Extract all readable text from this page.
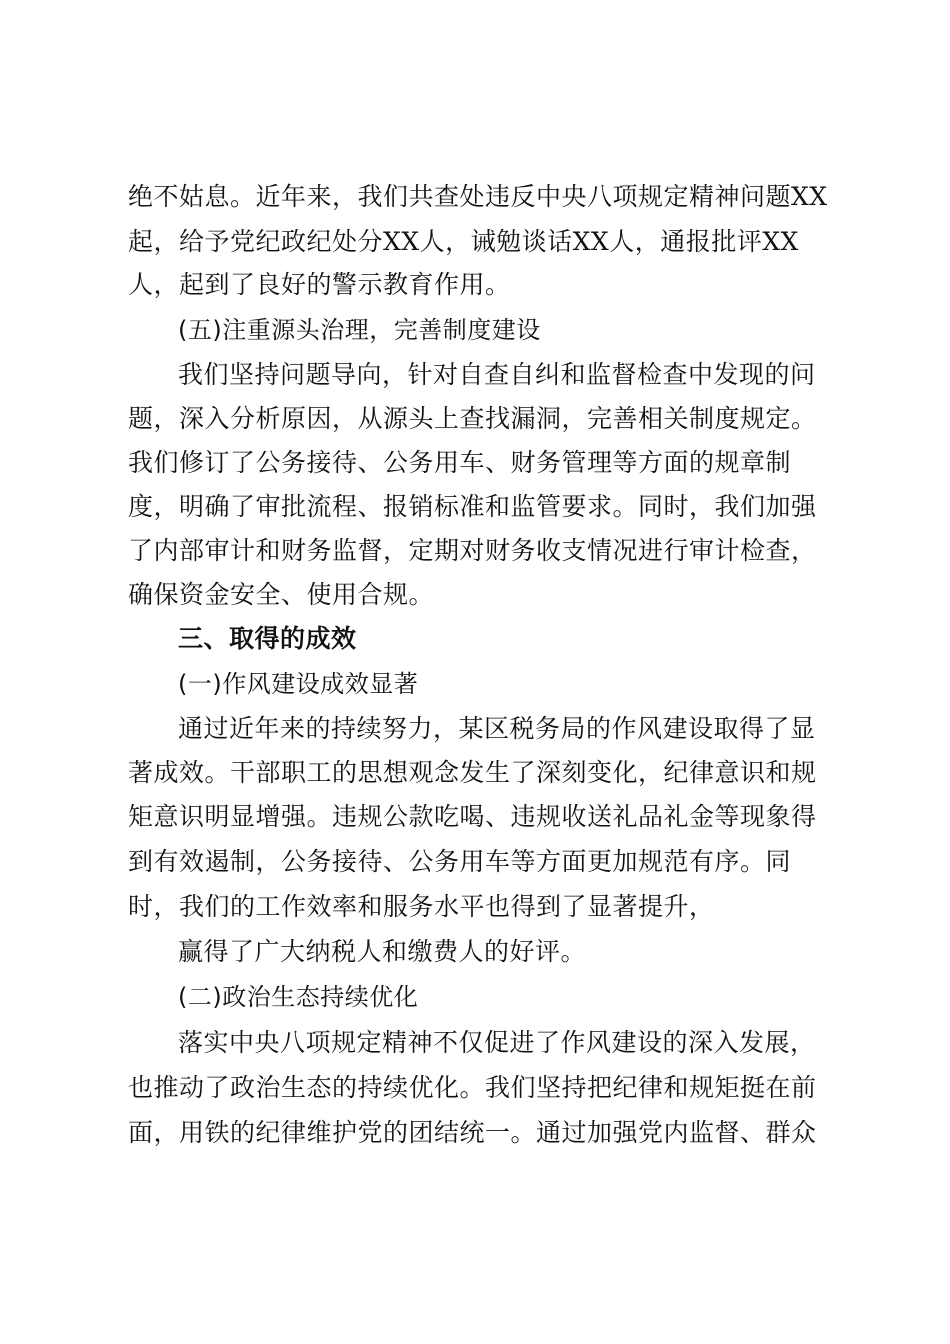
绝不姑息。近年来，我们共查处违反中央八项规定精神问题XX
起，给予党纪政纪处分XX人，诫勉谈话XX人，通报批评XX
人，起到了良好的警示教育作用。
(五)注重源头治理，完善制度建设
我们坚持问题导向，针对自查自纠和监督检查中发现的问
题，深入分析原因，从源头上查找漏洞，完善相关制度规定。
我们修订了公务接待、公务用车、财务管理等方面的规章制
度，明确了审批流程、报销标准和监管要求。同时，我们加强
了内部审计和财务监督，定期对财务收支情况进行审计检查，
确保资金安全、使用合规。
三、取得的成效
(一)作风建设成效显著
通过近年来的持续努力，某区税务局的作风建设取得了显
著成效。干部职工的思想观念发生了深刻变化，纪律意识和规
矩意识明显增强。违规公款吃喝、违规收送礼品礼金等现象得
到有效遏制，公务接待、公务用车等方面更加规范有序。同
时，我们的工作效率和服务水平也得到了显著提升，
赢得了广大纳税人和缴费人的好评。
(二)政治生态持续优化
落实中央八项规定精神不仅促进了作风建设的深入发展，
也推动了政治生态的持续优化。我们坚持把纪律和规矩挺在前
面，用铁的纪律维护党的团结统一。通过加强党内监督、群众
